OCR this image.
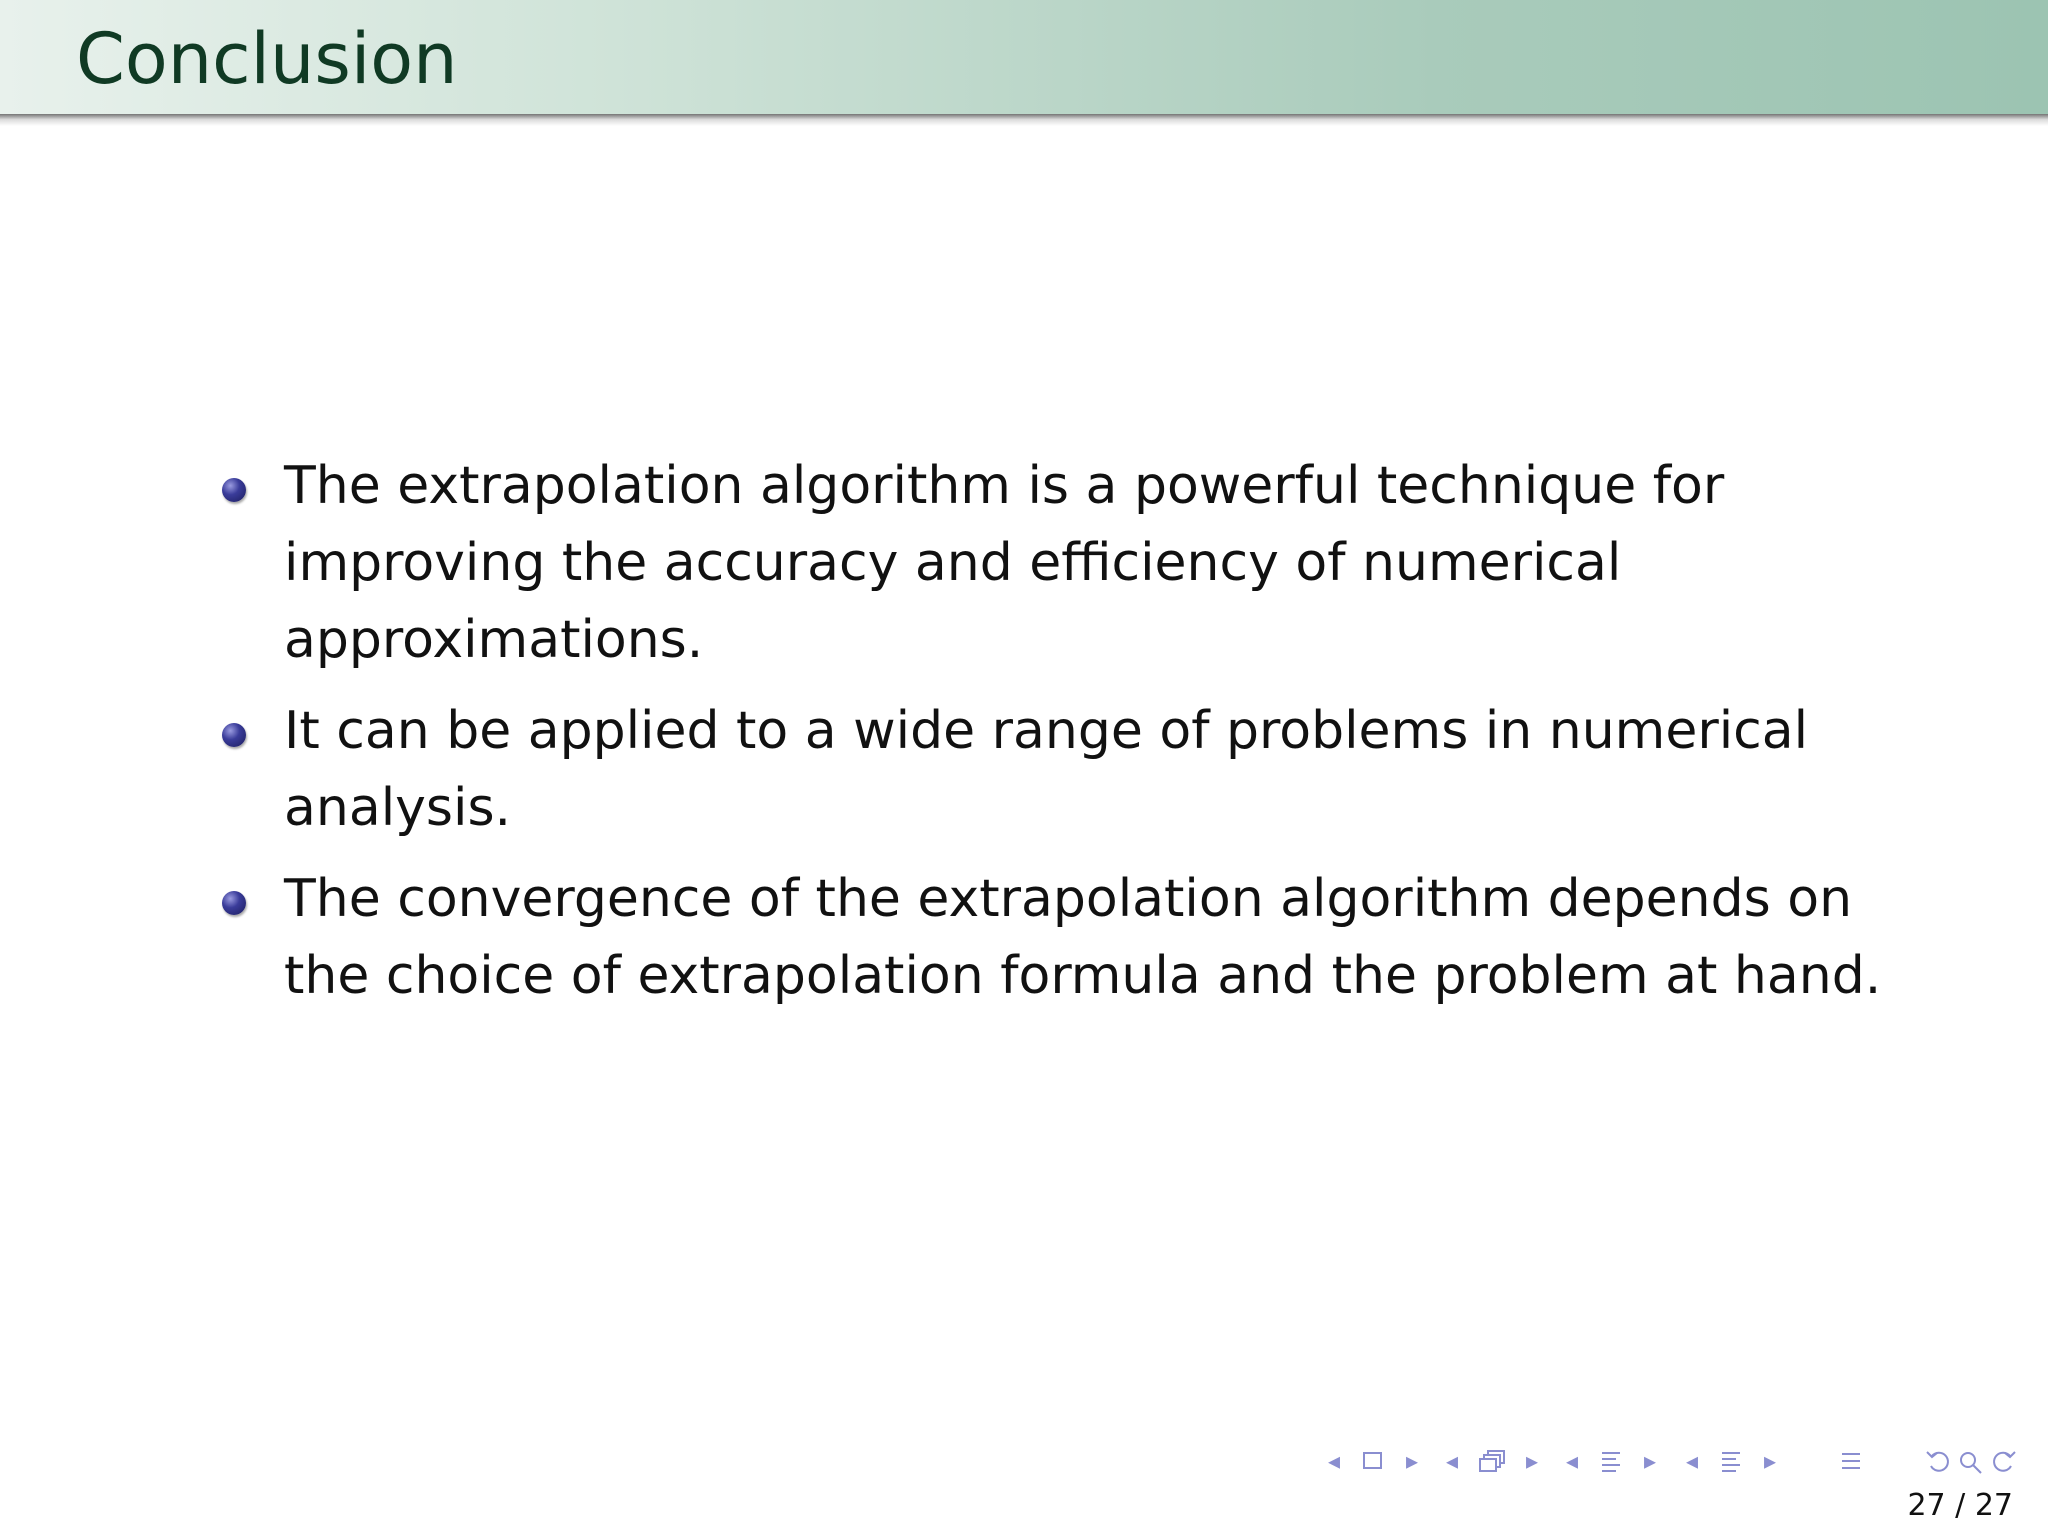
Conclusion
The extrapolation algorithm is a powerful technique for improving the accuracy and efficiency of numerical approximations.
It can be applied to a wide range of problems in numerical analysis.
The convergence of the extrapolation algorithm depends on the choice of extrapolation formula and the problem at hand.
◂	▸ ◂	▸ ◂	▸ ◂	▸
27 / 27
